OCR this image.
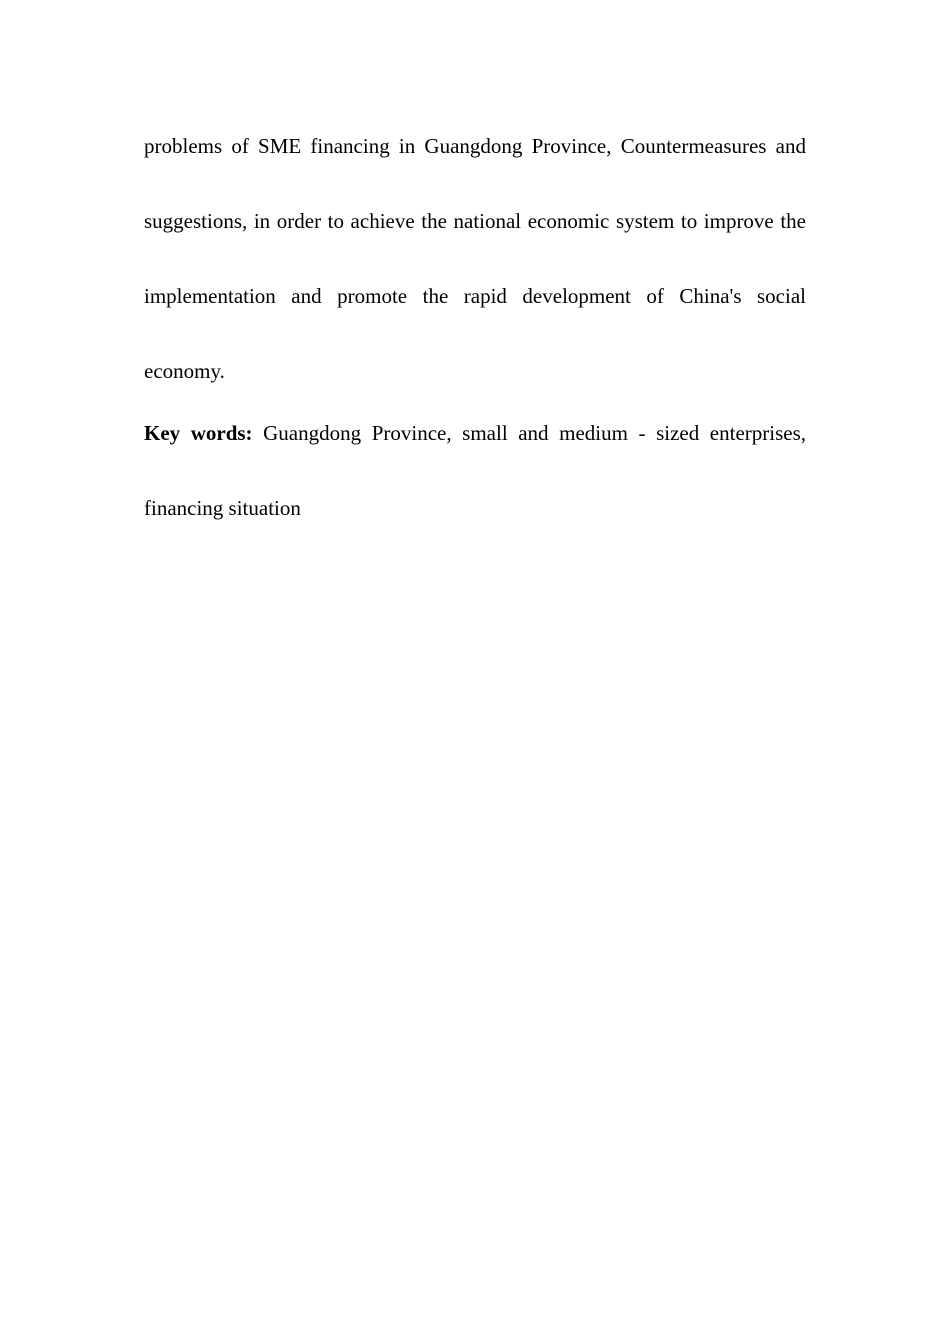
problems of SME financing in Guangdong Province, Countermeasures and suggestions, in order to achieve the national economic system to improve the implementation and promote the rapid development of China's social economy.

Key words: Guangdong Province, small and medium - sized enterprises, financing situation
